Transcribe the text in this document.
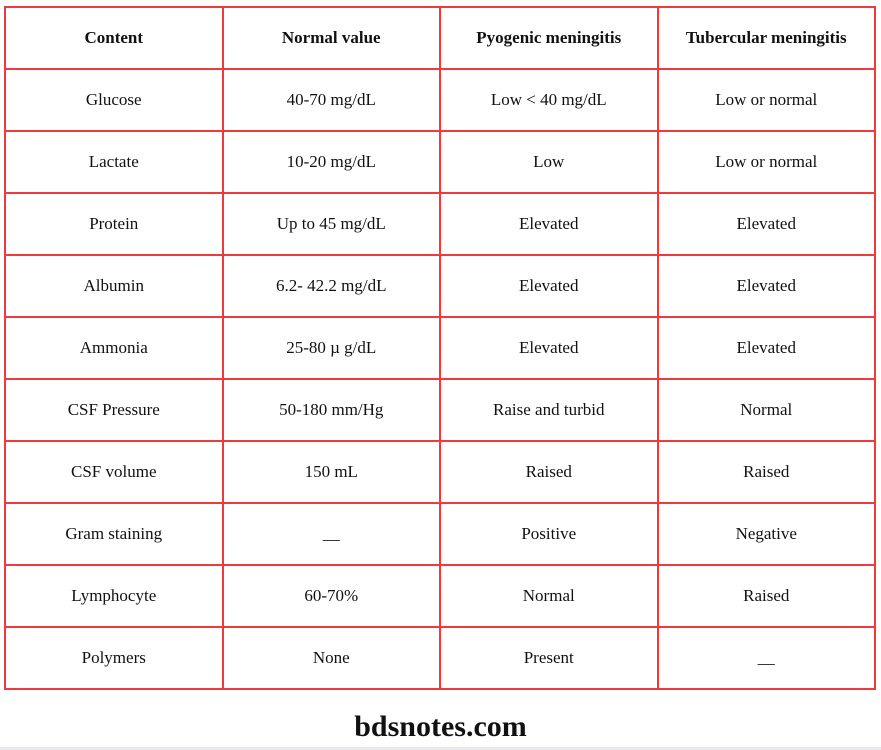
Content	Normal value	Pyogenic meningitis	Tubercular meningitis
Glucose	40-70 mg/dL	Low < 40 mg/dL	Low or normal
Lactate	10-20 mg/dL	Low	Low or normal
Protein	Up to 45 mg/dL	Elevated	Elevated
Albumin	6.2- 42.2 mg/dL	Elevated	Elevated
Ammonia	25-80 µ g/dL	Elevated	Elevated
CSF Pressure	50-180 mm/Hg	Raise and turbid	Normal
CSF volume	150 mL	Raised	Raised
Gram staining	__	Positive	Negative
Lymphocyte	60-70%	Normal	Raised
Polymers	None	Present	__
bdsnotes.com
